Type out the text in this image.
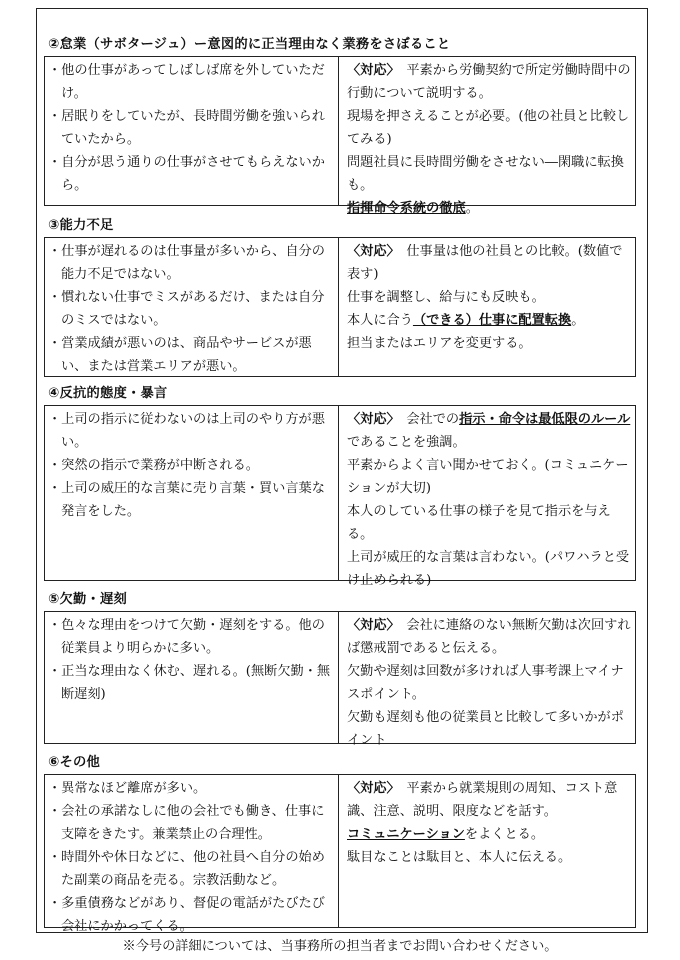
②怠業（サボタージュ）ー意図的に正当理由なく業務をさぼること
・他の仕事があってしばしば席を外していただけ。
・居眠りをしていたが、長時間労働を強いられていたから。
・自分が思う通りの仕事がさせてもらえないから。
〈対応〉　平素から労働契約で所定労働時間中の行動について説明する。
現場を押さえることが必要。(他の社員と比較してみる)
問題社員に長時間労働をさせない―閑職に転換も。
指揮命令系統の徹底。
③能力不足
・仕事が遅れるのは仕事量が多いから、自分の能力不足ではない。
・慣れない仕事でミスがあるだけ、または自分のミスではない。
・営業成績が悪いのは、商品やサービスが悪い、または営業エリアが悪い。
〈対応〉　仕事量は他の社員との比較。(数値で表す)
仕事を調整し、給与にも反映も。
本人に合う（できる）仕事に配置転換。
担当またはエリアを変更する。
④反抗的態度・暴言
・上司の指示に従わないのは上司のやり方が悪い。
・突然の指示で業務が中断される。
・上司の威圧的な言葉に売り言葉・買い言葉な発言をした。
〈対応〉　会社での指示・命令は最低限のルールであることを強調。
平素からよく言い聞かせておく。(コミュニケーションが大切)
本人のしている仕事の様子を見て指示を与える。
上司が威圧的な言葉は言わない。(パワハラと受け止められる)
⑤欠勤・遅刻
・色々な理由をつけて欠勤・遅刻をする。他の従業員より明らかに多い。
・正当な理由なく休む、遅れる。(無断欠勤・無断遅刻)
〈対応〉　会社に連絡のない無断欠勤は次回すれば懲戒罰であると伝える。
欠勤や遅刻は回数が多ければ人事考課上マイナスポイント。
欠勤も遅刻も他の従業員と比較して多いかがポイント
⑥その他
・異常なほど離席が多い。
・会社の承諾なしに他の会社でも働き、仕事に支障をきたす。兼業禁止の合理性。
・時間外や休日などに、他の社員へ自分の始めた副業の商品を売る。宗教活動など。
・多重債務などがあり、督促の電話がたびたび会社にかかってくる。
〈対応〉　平素から就業規則の周知、コスト意識、注意、説明、限度などを話す。
コミュニケーションをよくとる。
駄目なことは駄目と、本人に伝える。
※今号の詳細については、当事務所の担当者までお問い合わせください。
